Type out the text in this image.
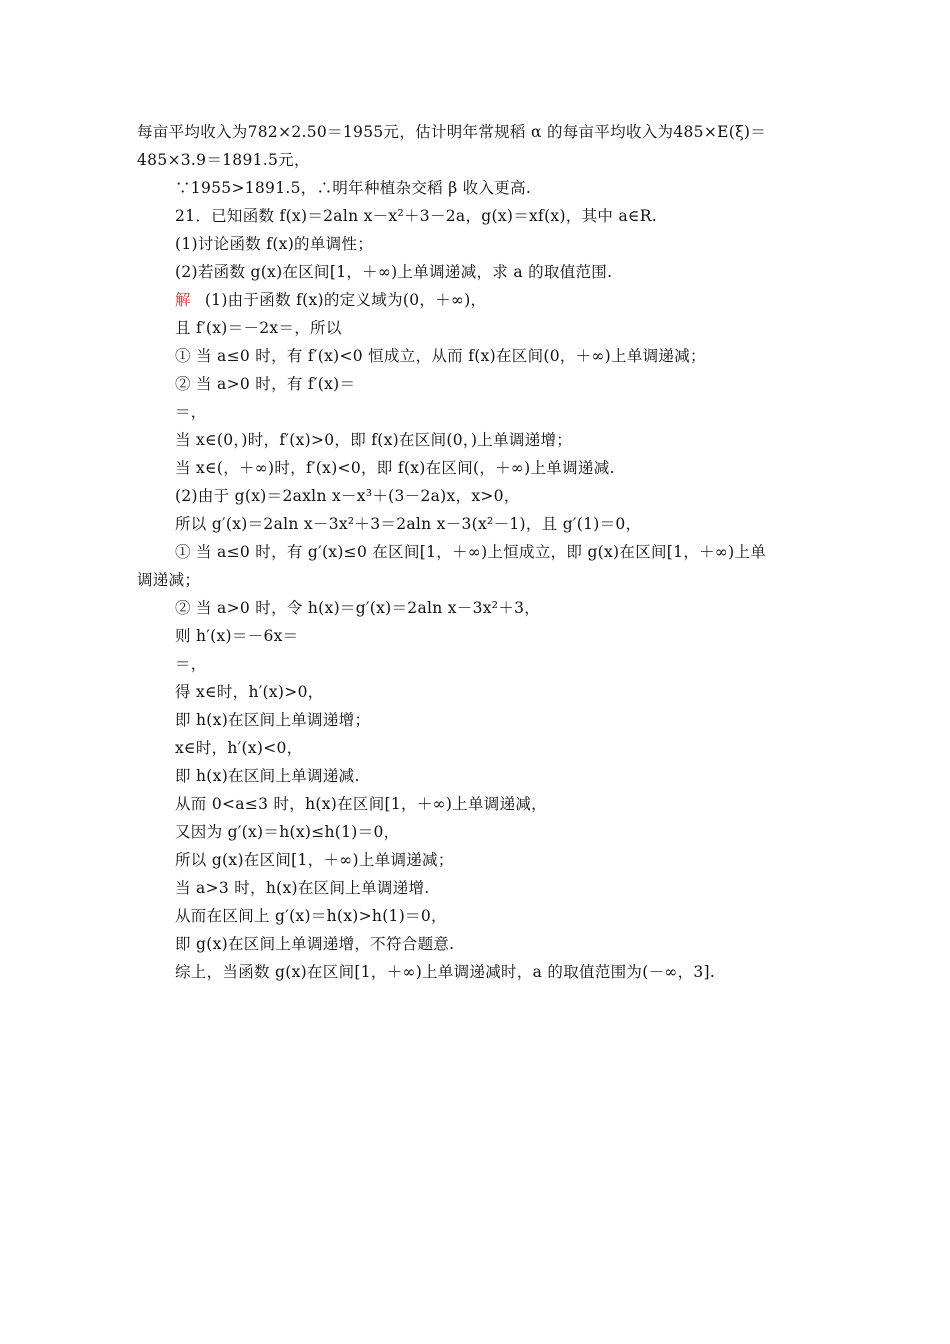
每亩平均收入为782×2.50＝1955元，估计明年常规稻 α 的每亩平均收入为485×E(ξ)＝
485×3.9＝1891.5元，
∵1955>1891.5，∴明年种植杂交稻 β 收入更高.
21．已知函数 f(x)＝2aln x－x²＋3－2a，g(x)＝xf(x)，其中 a∈R.
(1)讨论函数 f(x)的单调性；
(2)若函数 g(x)在区间[1，＋∞)上单调递减，求 a 的取值范围.
解 (1)由于函数 f(x)的定义域为(0，＋∞)，
且 f′(x)＝－2x＝，所以
① 当 a≤0 时，有 f′(x)<0 恒成立，从而 f(x)在区间(0，＋∞)上单调递减；
② 当 a>0 时，有 f′(x)＝
＝，
当 x∈(0，)时，f′(x)>0，即 f(x)在区间(0，)上单调递增；
当 x∈(，＋∞)时，f′(x)<0，即 f(x)在区间(，＋∞)上单调递减.
(2)由于 g(x)＝2axln x－x³＋(3－2a)x，x>0，
所以 g′(x)＝2aln x－3x²＋3＝2aln x－3(x²－1)，且 g′(1)＝0，
① 当 a≤0 时，有 g′(x)≤0 在区间[1，＋∞)上恒成立，即 g(x)在区间[1，＋∞)上单
调递减；
② 当 a>0 时，令 h(x)＝g′(x)＝2aln x－3x²＋3，
则 h′(x)＝－6x＝
＝，
得 x∈时，h′(x)>0，
即 h(x)在区间上单调递增；
x∈时，h′(x)<0，
即 h(x)在区间上单调递减.
从而 0<a≤3 时，h(x)在区间[1，＋∞)上单调递减，
又因为 g′(x)＝h(x)≤h(1)＝0，
所以 g(x)在区间[1，＋∞)上单调递减；
当 a>3 时，h(x)在区间上单调递增.
从而在区间上 g′(x)＝h(x)>h(1)＝0，
即 g(x)在区间上单调递增，不符合题意.
综上，当函数 g(x)在区间[1，＋∞)上单调递减时，a 的取值范围为(－∞，3].
